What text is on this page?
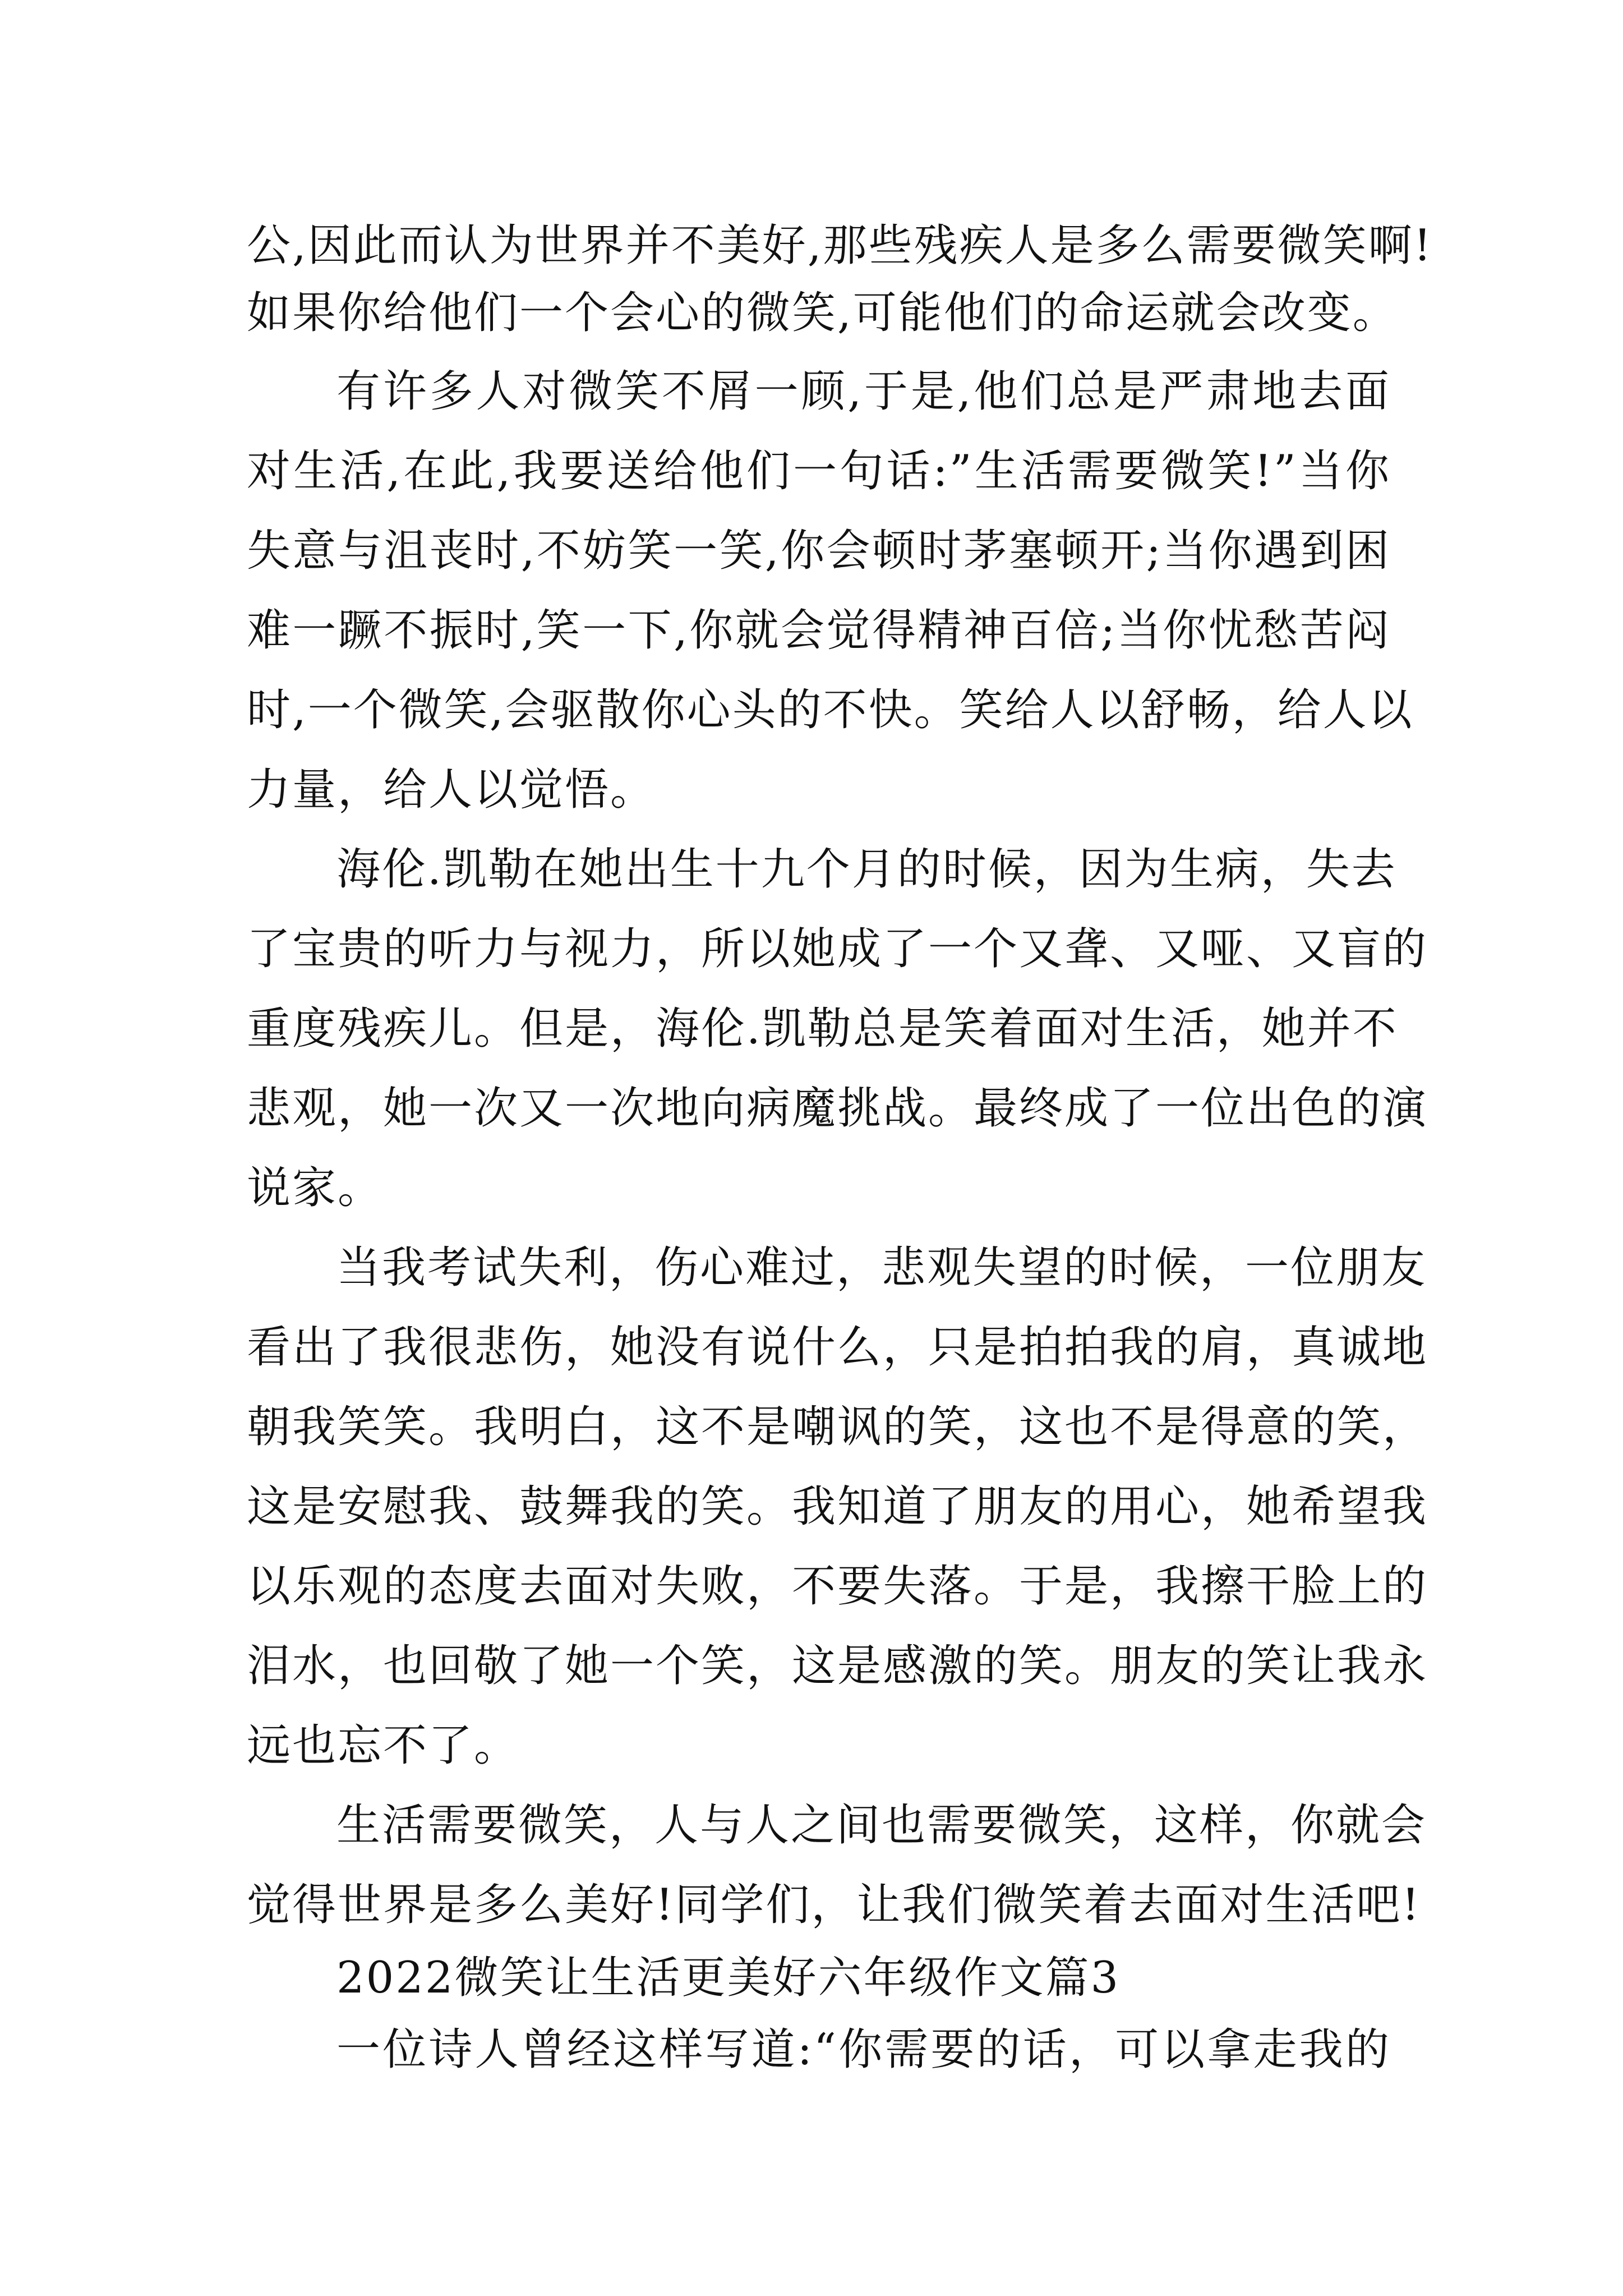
公,因此而认为世界并不美好,那些残疾人是多么需要微笑啊!
如果你给他们一个会心的微笑,可能他们的命运就会改变。
有许多人对微笑不屑一顾,于是,他们总是严肃地去面
对生活,在此,我要送给他们一句话:”生活需要微笑!”当你
失意与沮丧时,不妨笑一笑,你会顿时茅塞顿开;当你遇到困
难一蹶不振时,笑一下,你就会觉得精神百倍;当你忧愁苦闷
时,一个微笑,会驱散你心头的不快。笑给人以舒畅，给人以
力量，给人以觉悟。
海伦.凯勒在她出生十九个月的时候，因为生病，失去
了宝贵的听力与视力，所以她成了一个又聋、又哑、又盲的
重度残疾儿。但是，海伦.凯勒总是笑着面对生活，她并不
悲观，她一次又一次地向病魔挑战。最终成了一位出色的演
说家。
当我考试失利，伤心难过，悲观失望的时候，一位朋友
看出了我很悲伤，她没有说什么，只是拍拍我的肩，真诚地
朝我笑笑。我明白，这不是嘲讽的笑，这也不是得意的笑，
这是安慰我、鼓舞我的笑。我知道了朋友的用心，她希望我
以乐观的态度去面对失败，不要失落。于是，我擦干脸上的
泪水，也回敬了她一个笑，这是感激的笑。朋友的笑让我永
远也忘不了。
生活需要微笑，人与人之间也需要微笑，这样，你就会
觉得世界是多么美好!同学们，让我们微笑着去面对生活吧!
2022微笑让生活更美好六年级作文篇3
一位诗人曾经这样写道:“你需要的话，可以拿走我的
